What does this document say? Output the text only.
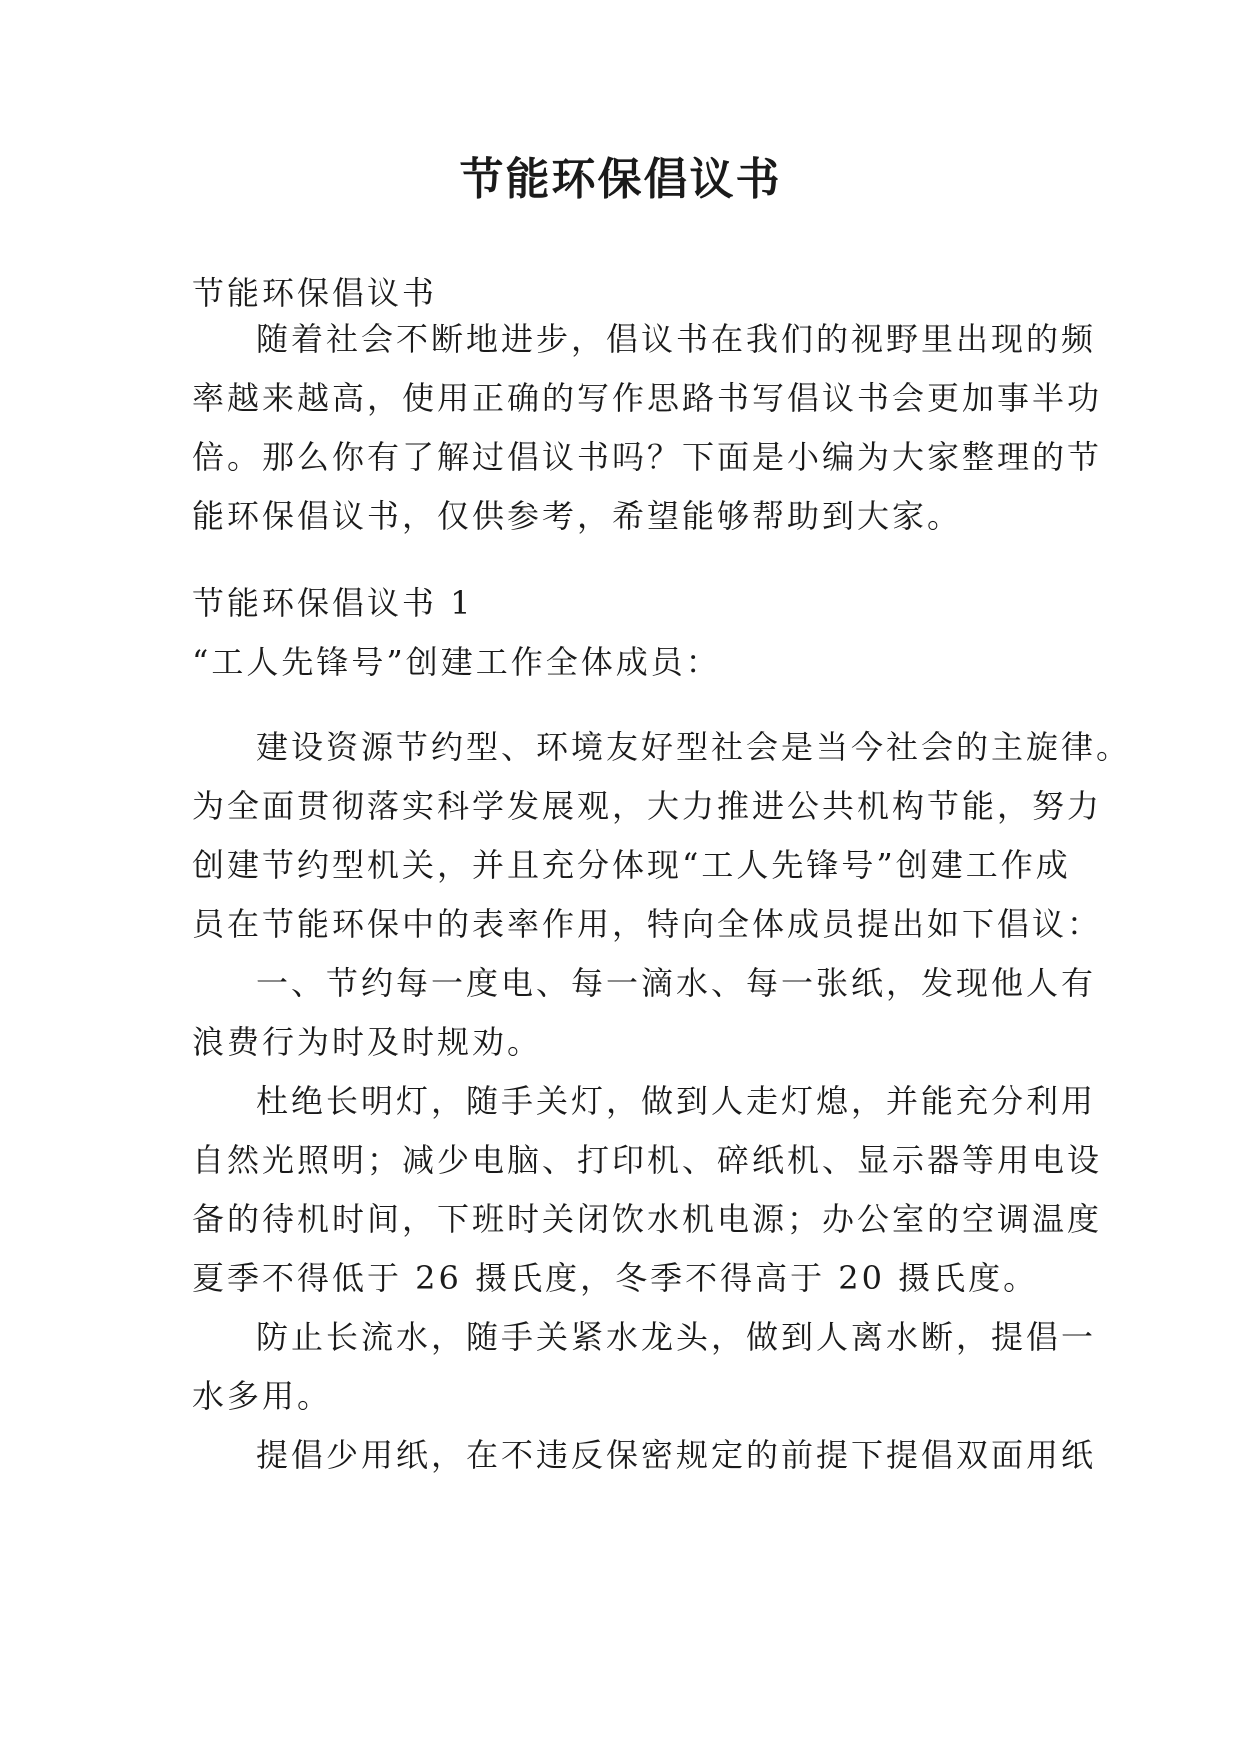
节能环保倡议书
节能环保倡议书
随着社会不断地进步，倡议书在我们的视野里出现的频
率越来越高，使用正确的写作思路书写倡议书会更加事半功
倍。那么你有了解过倡议书吗？下面是小编为大家整理的节
能环保倡议书，仅供参考，希望能够帮助到大家。
节能环保倡议书 1
“工人先锋号”创建工作全体成员：
建设资源节约型、环境友好型社会是当今社会的主旋律。
为全面贯彻落实科学发展观，大力推进公共机构节能，努力
创建节约型机关，并且充分体现“工人先锋号”创建工作成
员在节能环保中的表率作用，特向全体成员提出如下倡议：
一、节约每一度电、每一滴水、每一张纸，发现他人有
浪费行为时及时规劝。
杜绝长明灯，随手关灯，做到人走灯熄，并能充分利用
自然光照明；减少电脑、打印机、碎纸机、显示器等用电设
备的待机时间，下班时关闭饮水机电源；办公室的空调温度
夏季不得低于 26 摄氏度，冬季不得高于 20 摄氏度。
防止长流水，随手关紧水龙头，做到人离水断，提倡一
水多用。
提倡少用纸，在不违反保密规定的前提下提倡双面用纸
